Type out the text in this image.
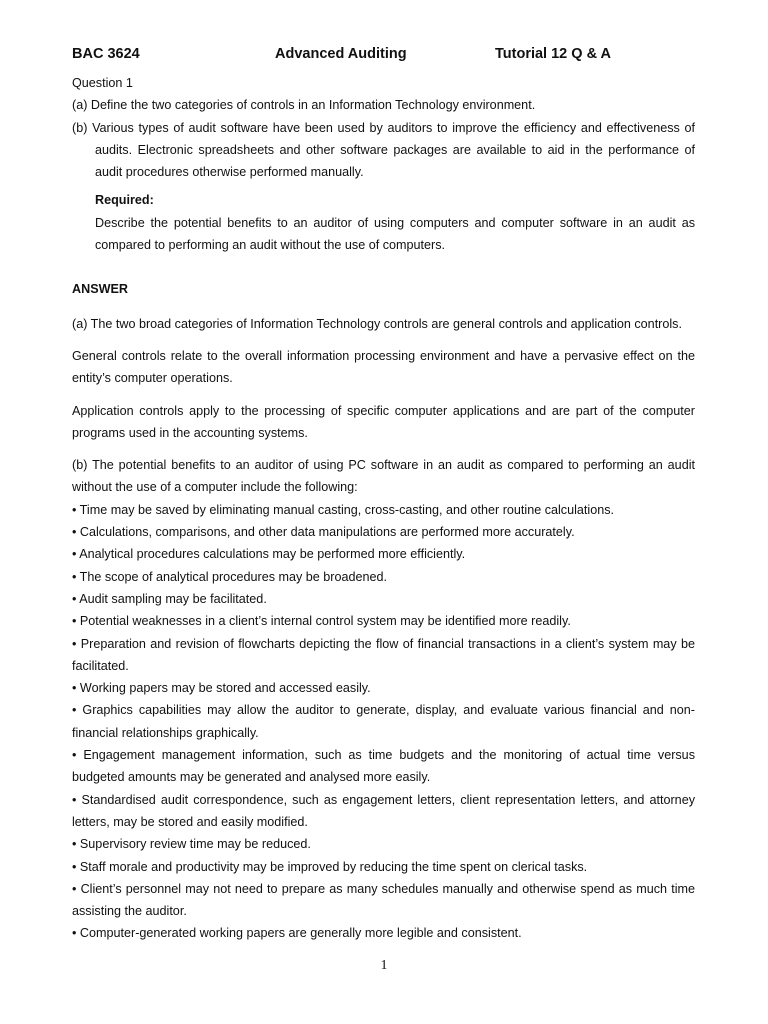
BAC 3624	Advanced Auditing	Tutorial 12 Q & A

Question 1

(a) Define the two categories of controls in an Information Technology environment.

(b) Various types of audit software have been used by auditors to improve the efficiency and effectiveness of audits. Electronic spreadsheets and other software packages are available to aid in the performance of audit procedures otherwise performed manually.

Required:

Describe the potential benefits to an auditor of using computers and computer software in an audit as compared to performing an audit without the use of computers.

ANSWER

(a) The two broad categories of Information Technology controls are general controls and application controls.

General controls relate to the overall information processing environment and have a pervasive effect on the entity’s computer operations.

Application controls apply to the processing of specific computer applications and are part of the computer programs used in the accounting systems.

(b) The potential benefits to an auditor of using PC software in an audit as compared to performing an audit without the use of a computer include the following:

• Time may be saved by eliminating manual casting, cross-casting, and other routine calculations.
• Calculations, comparisons, and other data manipulations are performed more accurately.
• Analytical procedures calculations may be performed more efficiently.
• The scope of analytical procedures may be broadened.
• Audit sampling may be facilitated.
• Potential weaknesses in a client’s internal control system may be identified more readily.
• Preparation and revision of flowcharts depicting the flow of financial transactions in a client’s system may be facilitated.
• Working papers may be stored and accessed easily.
• Graphics capabilities may allow the auditor to generate, display, and evaluate various financial and non-financial relationships graphically.
• Engagement management information, such as time budgets and the monitoring of actual time versus budgeted amounts may be generated and analysed more easily.
• Standardised audit correspondence, such as engagement letters, client representation letters, and attorney letters, may be stored and easily modified.
• Supervisory review time may be reduced.
• Staff morale and productivity may be improved by reducing the time spent on clerical tasks.
• Client’s personnel may not need to prepare as many schedules manually and otherwise spend as much time assisting the auditor.
• Computer-generated working papers are generally more legible and consistent.
1
